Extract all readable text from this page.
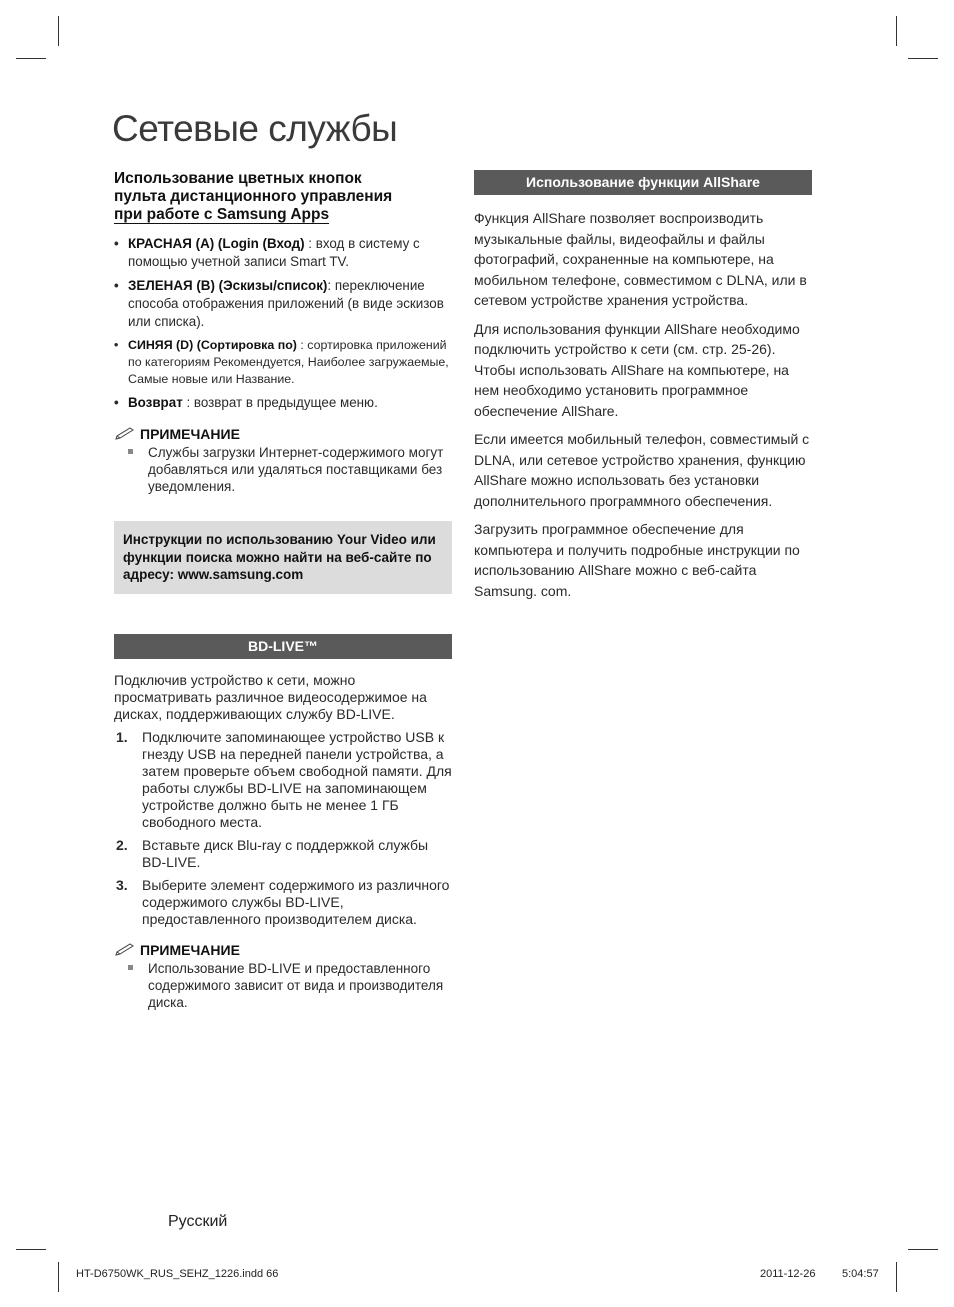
Сетевые службы
Использование цветных кнопок
пульта дистанционного управления
при работе с Samsung Apps
• КРАСНАЯ (A) (Login (Вход) : вход в систему с помощью учетной записи Smart TV.
• ЗЕЛЕНАЯ (B) (Эскизы/список): переключение способа отображения приложений (в виде эскизов или списка).
• СИНЯЯ (D) (Сортировка по) : сортировка приложений по категориям Рекомендуется, Наиболее загружаемые, Самые новые или Название.
• Возврат : возврат в предыдущее меню.
ПРИМЕЧАНИЕ
Службы загрузки Интернет-содержимого могут добавляться или удаляться поставщиками без уведомления.
Инструкции по использованию Your Video или функции поиска можно найти на веб-сайте по адресу: www.samsung.com
BD-LIVE™

Подключив устройство к сети, можно просматривать различное видеосодержимое на дисках, поддерживающих службу BD-LIVE.

1. Подключите запоминающее устройство USB к гнезду USB на передней панели устройства, а затем проверьте объем свободной памяти. Для работы службы BD-LIVE на запоминающем устройстве должно быть не менее 1 ГБ свободного места.
2. Вставьте диск Blu-ray с поддержкой службы BD-LIVE.
3. Выберите элемент содержимого из различного содержимого службы BD-LIVE, предоставленного производителем диска.
ПРИМЕЧАНИЕ
Использование BD-LIVE и предоставленного содержимого зависит от вида и производителя диска.
Использование функции AllShare

Функция AllShare позволяет воспроизводить музыкальные файлы, видеофайлы и файлы фотографий, сохраненные на компьютере, на мобильном телефоне, совместимом с DLNA, или в сетевом устройстве хранения устройства.

Для использования функции AllShare необходимо подключить устройство к сети (см. стр. 25-26). Чтобы использовать AllShare на компьютере, на нем необходимо установить программное обеспечение AllShare.

Если имеется мобильный телефон, совместимый с DLNA, или сетевое устройство хранения, функцию AllShare можно использовать без установки дополнительного программного обеспечения.

Загрузить программное обеспечение для компьютера и получить подробные инструкции по использованию AllShare можно с веб-сайта Samsung. com.

Русский
HT-D6750WK_RUS_SEHZ_1226.indd 66	2011-12-26 5:04:57
